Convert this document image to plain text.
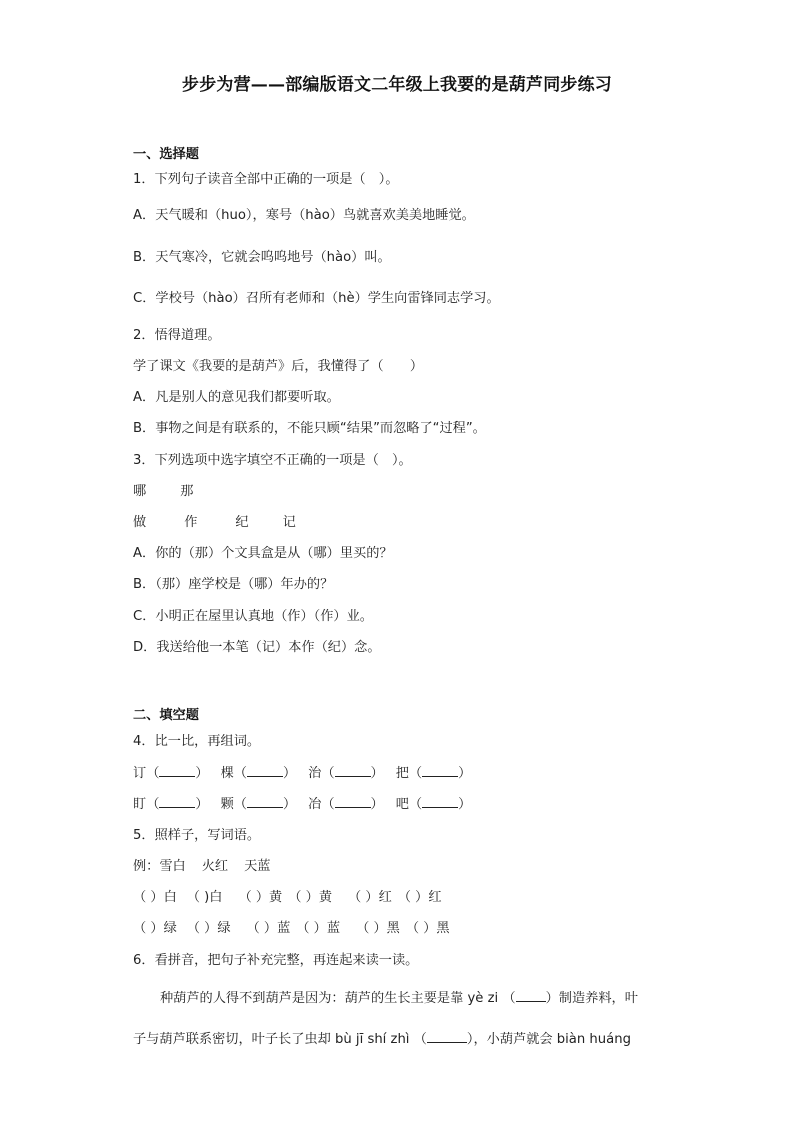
步步为营——部编版语文二年级上我要的是葫芦同步练习
一、选择题
1．下列句子读音全部中正确的一项是（　）。
A．天气暖和（huo），寒号（hào）鸟就喜欢美美地睡觉。
B．天气寒冷，它就会呜呜地号（hào）叫。
C．学校号（hào）召所有老师和（hè）学生向雷锋同志学习。
2．悟得道理。
学了课文《我要的是葫芦》后，我懂得了（　　）
A．凡是别人的意见我们都要听取。
B．事物之间是有联系的，不能只顾“结果”而忽略了“过程”。
3．下列选项中选字填空不正确的一项是（　）。
哪	那
做	作	纪	记
A．你的（那）个文具盒是从（哪）里买的？
B．（那）座学校是（哪）年办的？
C．小明正在屋里认真地（作）（作）业。
D．我送给他一本笔（记）本作（纪）念。
二、填空题
4．比一比，再组词。
订（	） 棵（	） 治（	） 把（	）
盯（	） 颗（	） 冶（	） 吧（	）
5．照样子，写词语。
例：雪白 火红 天蓝
（ ）白 （ )白 （ ）黄 （ ）黄 （ ）红 （ ）红
（ ）绿 （ ）绿 （ ）蓝 （ ）蓝 （ ）黑 （ ）黑
6．看拼音，把句子补充完整，再连起来读一读。
种葫芦的人得不到葫芦是因为：葫芦的生长主要是靠 yè zi （ ）制造养料，叶
子与葫芦联系密切，叶子长了虫却 bù jī shí zhì （	），小葫芦就会 biàn huáng
